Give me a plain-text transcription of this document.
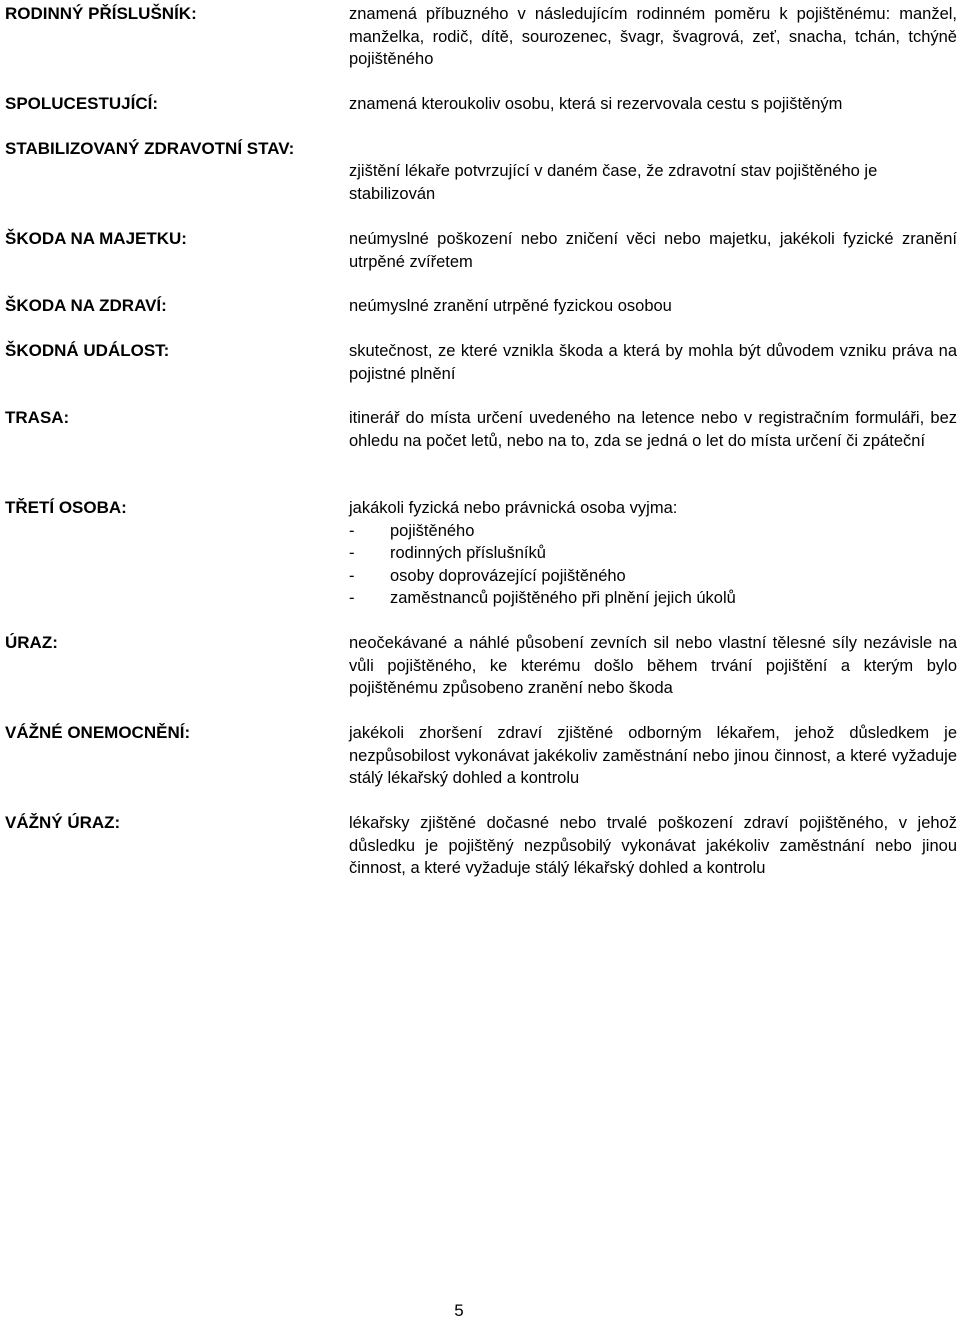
RODINNÝ PŘÍSLUŠNÍK:	znamená příbuzného v následujícím rodinném poměru k pojištěnému: manžel, manželka, rodič, dítě, sourozenec, švagr, švagrová, zeť, snacha, tchán, tchýně pojištěného
SPOLUCESTUJÍCÍ:	znamená kteroukoliv osobu, která si rezervovala cestu s pojištěným
STABILIZOVANÝ ZDRAVOTNÍ STAV:
zjištění lékaře potvrzující v daném čase, že zdravotní stav pojištěného je stabilizován
ŠKODA NA MAJETKU:	neúmyslné poškození nebo zničení věci nebo majetku, jakékoli fyzické zranění utrpěné zvířetem
ŠKODA NA ZDRAVÍ:	neúmyslné zranění utrpěné fyzickou osobou
ŠKODNÁ UDÁLOST:	skutečnost, ze které vznikla škoda a která by mohla být důvodem vzniku práva na pojistné plnění
TRASA:	itinerář do místa určení uvedeného na letence nebo v registračním formuláři, bez ohledu na počet letů, nebo na to, zda se jedná o let do místa určení či zpáteční
TŘETÍ OSOBA:	jakákoli fyzická nebo právnická osoba vyjma:
- pojištěného
- rodinných příslušníků
- osoby doprovázející pojištěného
- zaměstnanců pojištěného při plnění jejich úkolů
ÚRAZ:	neočekávané a náhlé působení zevních sil nebo vlastní tělesné síly nezávisle na vůli pojištěného, ke kterému došlo během trvání pojištění a kterým bylo pojištěnému způsobeno zranění nebo škoda
VÁŽNÉ ONEMOCNĚNÍ:	jakékoli zhoršení zdraví zjištěné odborným lékařem, jehož důsledkem je nezpůsobilost vykonávat jakékoliv zaměstnání nebo jinou činnost, a které vyžaduje stálý lékařský dohled a kontrolu
VÁŽNÝ ÚRAZ:	lékařsky zjištěné dočasné nebo trvalé poškození zdraví pojištěného, v jehož důsledku je pojištěný nezpůsobilý vykonávat jakékoliv zaměstnání nebo jinou činnost, a které vyžaduje stálý lékařský dohled a kontrolu
5
